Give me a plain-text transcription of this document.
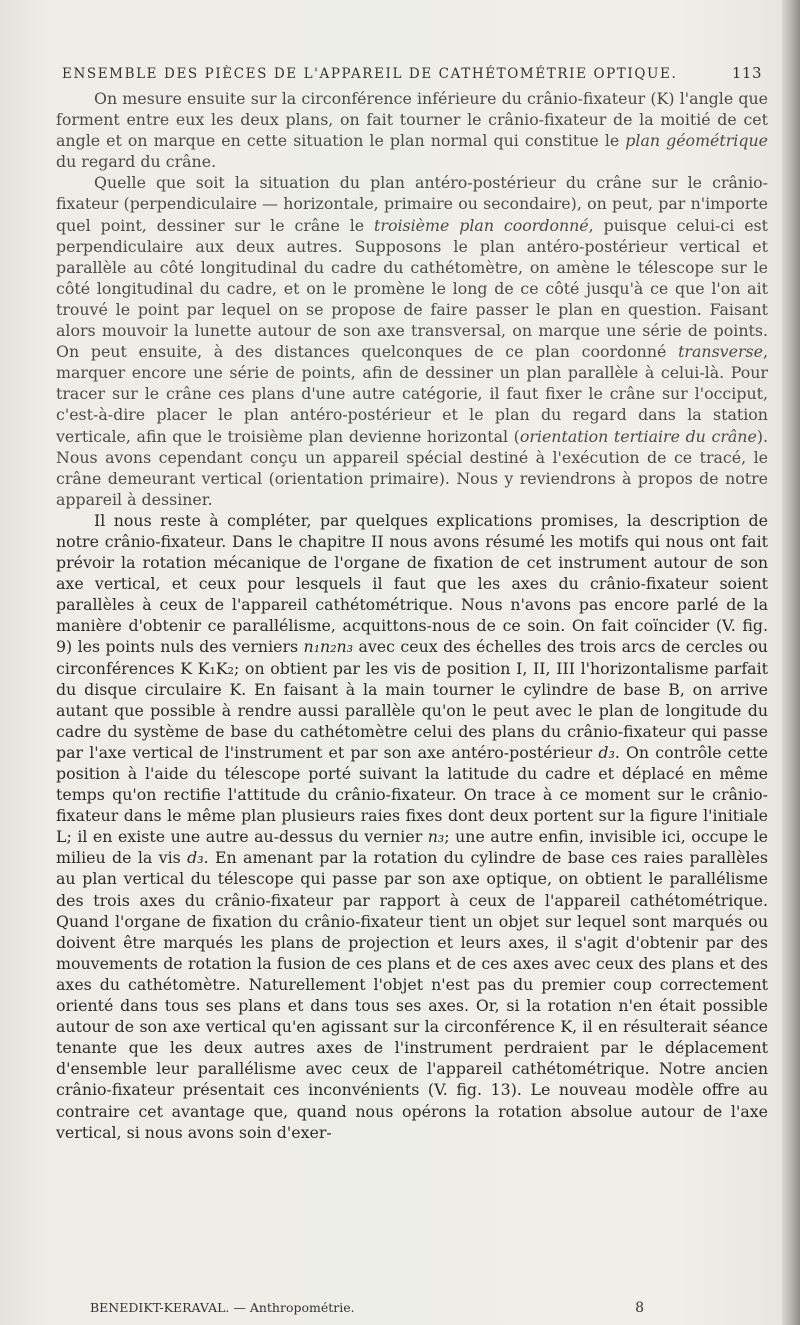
ENSEMBLE DES PIÈCES DE L'APPAREIL DE CATHÉTOMÉTRIE OPTIQUE.	113

On mesure ensuite sur la circonférence inférieure du crânio-fixateur (K) l'angle que forment entre eux les deux plans, on fait tourner le crânio-fixateur de la moitié de cet angle et on marque en cette situation le plan normal qui constitue le plan géométrique du regard du crâne.

Quelle que soit la situation du plan antéro-postérieur du crâne sur le crânio-fixateur (perpendiculaire — horizontale, primaire ou secondaire), on peut, par n'importe quel point, dessiner sur le crâne le troisième plan coordonné, puisque celui-ci est perpendiculaire aux deux autres. Supposons le plan antéro-postérieur vertical et parallèle au côté longitudinal du cadre du cathétomètre, on amène le télescope sur le côté longitudinal du cadre, et on le promène le long de ce côté jusqu'à ce que l'on ait trouvé le point par lequel on se propose de faire passer le plan en question. Faisant alors mouvoir la lunette autour de son axe transversal, on marque une série de points. On peut ensuite, à des distances quelconques de ce plan coordonné transverse, marquer encore une série de points, afin de dessiner un plan parallèle à celui-là. Pour tracer sur le crâne ces plans d'une autre catégorie, il faut fixer le crâne sur l'occiput, c'est-à-dire placer le plan antéro-postérieur et le plan du regard dans la station verticale, afin que le troisième plan devienne horizontal (orientation tertiaire du crâne). Nous avons cependant conçu un appareil spécial destiné à l'exécution de ce tracé, le crâne demeurant vertical (orientation primaire). Nous y reviendrons à propos de notre appareil à dessiner.

Il nous reste à compléter, par quelques explications promises, la description de notre crânio-fixateur. Dans le chapitre II nous avons résumé les motifs qui nous ont fait prévoir la rotation mécanique de l'organe de fixation de cet instrument autour de son axe vertical, et ceux pour lesquels il faut que les axes du crânio-fixateur soient parallèles à ceux de l'appareil cathétométrique. Nous n'avons pas encore parlé de la manière d'obtenir ce parallélisme, acquittons-nous de ce soin. On fait coïncider (V. fig. 9) les points nuls des verniers n₁n₂n₃ avec ceux des échelles des trois arcs de cercles ou circonférences K K₁K₂; on obtient par les vis de position I, II, III l'horizontalisme parfait du disque circulaire K. En faisant à la main tourner le cylindre de base B, on arrive autant que possible à rendre aussi parallèle qu'on le peut avec le plan de longitude du cadre du système de base du cathétomètre celui des plans du crânio-fixateur qui passe par l'axe vertical de l'instrument et par son axe antéro-postérieur d₃. On contrôle cette position à l'aide du télescope porté suivant la latitude du cadre et déplacé en même temps qu'on rectifie l'attitude du crânio-fixateur. On trace à ce moment sur le crânio-fixateur dans le même plan plusieurs raies fixes dont deux portent sur la figure l'initiale L; il en existe une autre au-dessus du vernier n₃; une autre enfin, invisible ici, occupe le milieu de la vis d₃. En amenant par la rotation du cylindre de base ces raies parallèles au plan vertical du télescope qui passe par son axe optique, on obtient le parallélisme des trois axes du crânio-fixateur par rapport à ceux de l'appareil cathétométrique. Quand l'organe de fixation du crânio-fixateur tient un objet sur lequel sont marqués ou doivent être marqués les plans de projection et leurs axes, il s'agit d'obtenir par des mouvements de rotation la fusion de ces plans et de ces axes avec ceux des plans et des axes du cathétomètre. Naturellement l'objet n'est pas du premier coup correctement orienté dans tous ses plans et dans tous ses axes. Or, si la rotation n'en était possible autour de son axe vertical qu'en agissant sur la circonférence K, il en résulterait séance tenante que les deux autres axes de l'instrument perdraient par le déplacement d'ensemble leur parallélisme avec ceux de l'appareil cathétométrique. Notre ancien crânio-fixateur présentait ces inconvénients (V. fig. 13). Le nouveau modèle offre au contraire cet avantage que, quand nous opérons la rotation absolue autour de l'axe vertical, si nous avons soin d'exer-

BENEDIKT-KERAVAL. — Anthropométrie.	8
